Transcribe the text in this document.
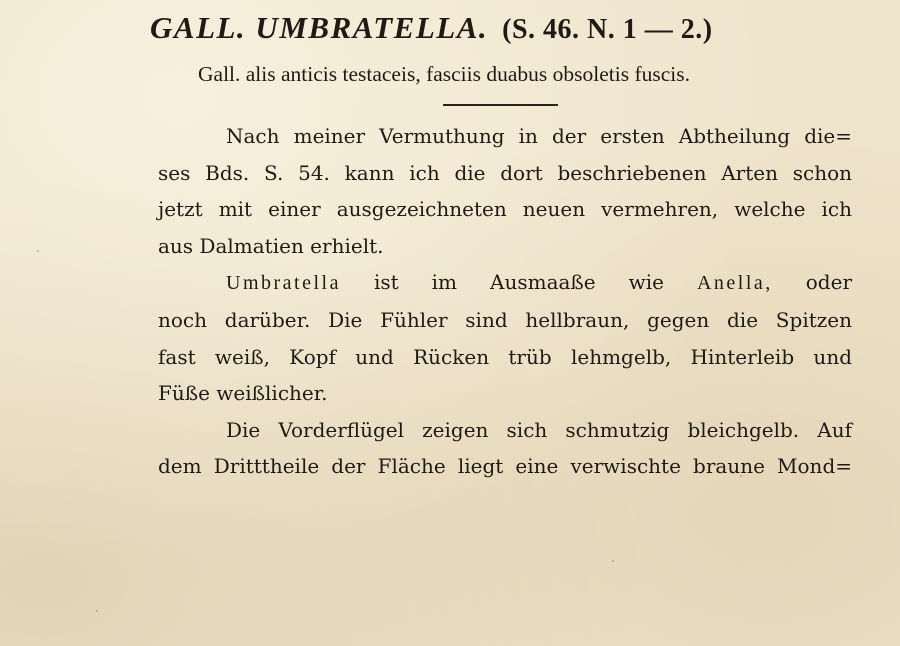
GALL. UMBRATELLA. (S. 46. N. 1 — 2.)
Gall. alis anticis testaceis, fasciis duabus obsoletis fuscis.
Nach meiner Vermuthung in der ersten Abtheilung die=
ses Bds. S. 54. kann ich die dort beschriebenen Arten schon
jetzt mit einer ausgezeichneten neuen vermehren, welche ich
aus Dalmatien erhielt.
Umbratella ist im Ausmaaße wie Anella, oder
noch darüber. Die Fühler sind hellbraun, gegen die Spitzen
fast weiß, Kopf und Rücken trüb lehmgelb, Hinterleib und
Füße weißlicher.
Die Vorderflügel zeigen sich schmutzig bleichgelb. Auf
dem Dritttheile der Fläche liegt eine verwischte braune Mond=
